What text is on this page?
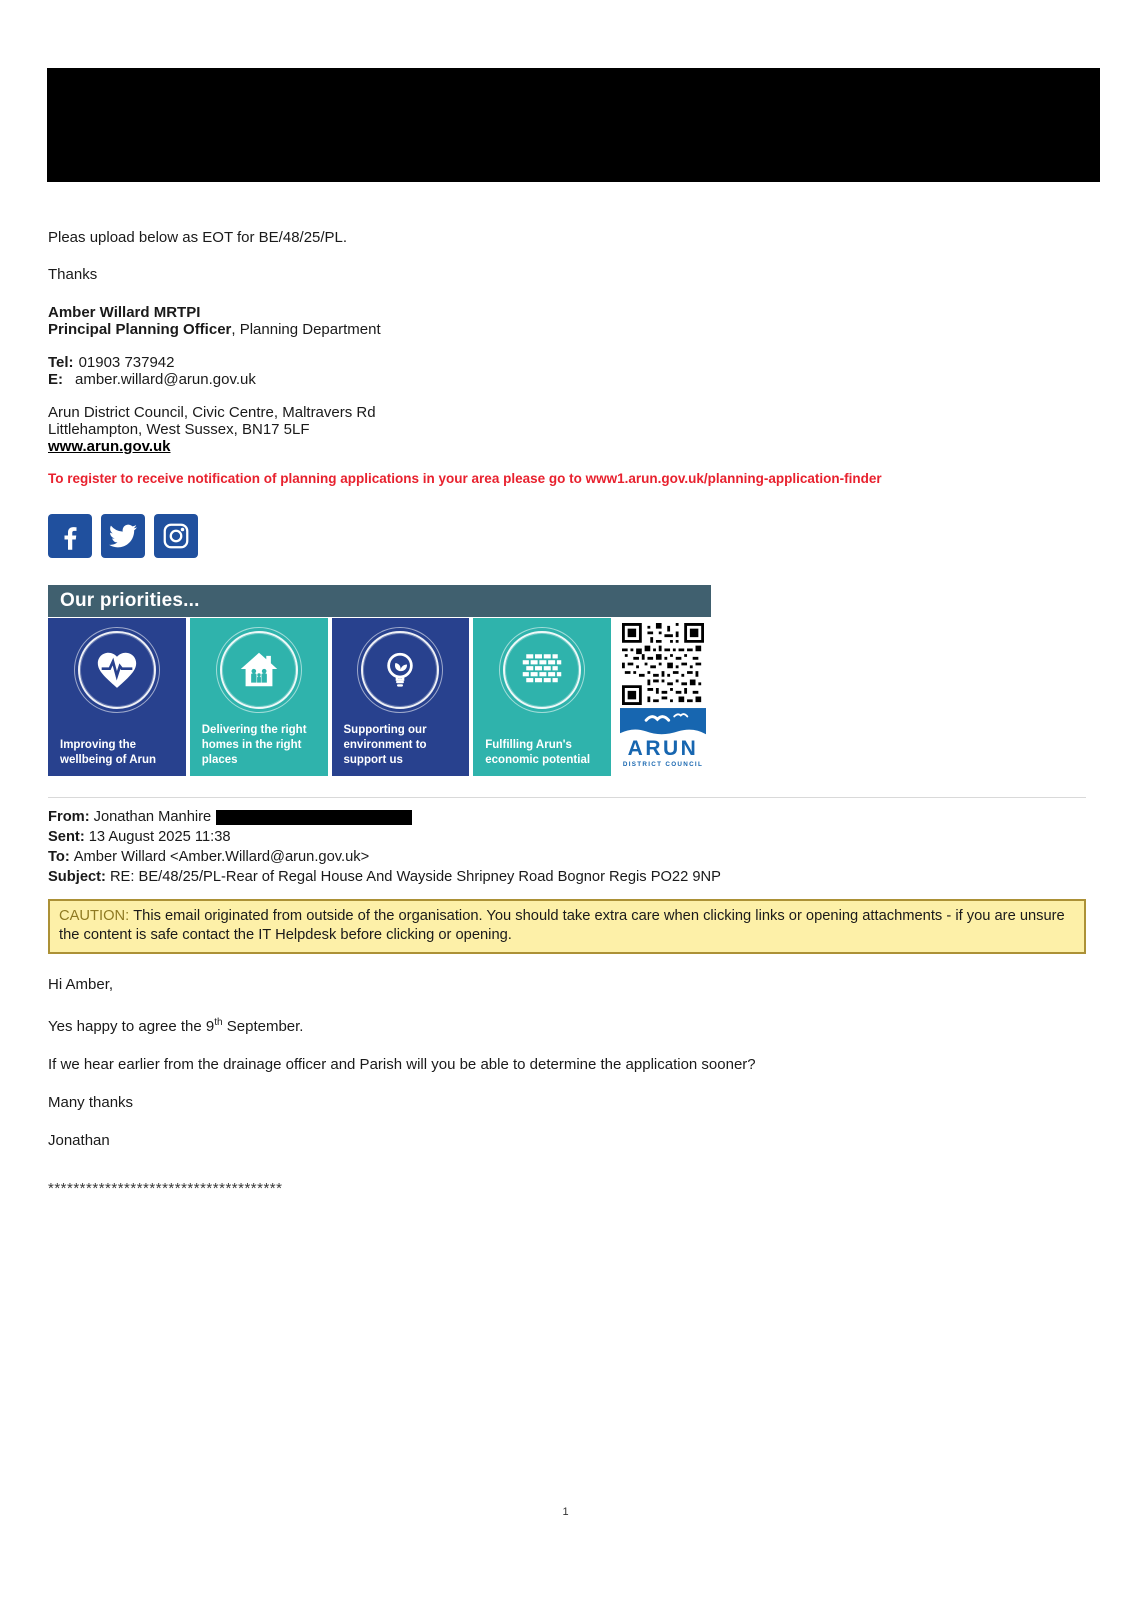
Pleas upload below as EOT for BE/48/25/PL.

Thanks

Amber Willard MRTPI

Principal Planning Officer, Planning Department

Tel: 01903 737942

E: amber.willard@arun.gov.uk

Arun District Council, Civic Centre, Maltravers Rd

Littlehampton, West Sussex, BN17 5LF

www.arun.gov.uk

To register to receive notification of planning applications in your area please go to www1.arun.gov.uk/planning-application-finder

Our priorities...
Improving the wellbeing of Arun
Delivering the right homes in the right places
Supporting our environment to support us
Fulfilling Arun's economic potential
ARUN
DISTRICT COUNCIL

From: Jonathan Manhire

Sent: 13 August 2025 11:38

To: Amber Willard <Amber.Willard@arun.gov.uk>

Subject: RE: BE/48/25/PL-Rear of Regal House And Wayside Shripney Road Bognor Regis PO22 9NP

CAUTION: This email originated from outside of the organisation. You should take extra care when clicking links or opening attachments - if you are unsure the content is safe contact the IT Helpdesk before clicking or opening.

Hi Amber,

Yes happy to agree the 9th September.

If we hear earlier from the drainage officer and Parish will you be able to determine the application sooner?

Many thanks

Jonathan

*************************************

1
